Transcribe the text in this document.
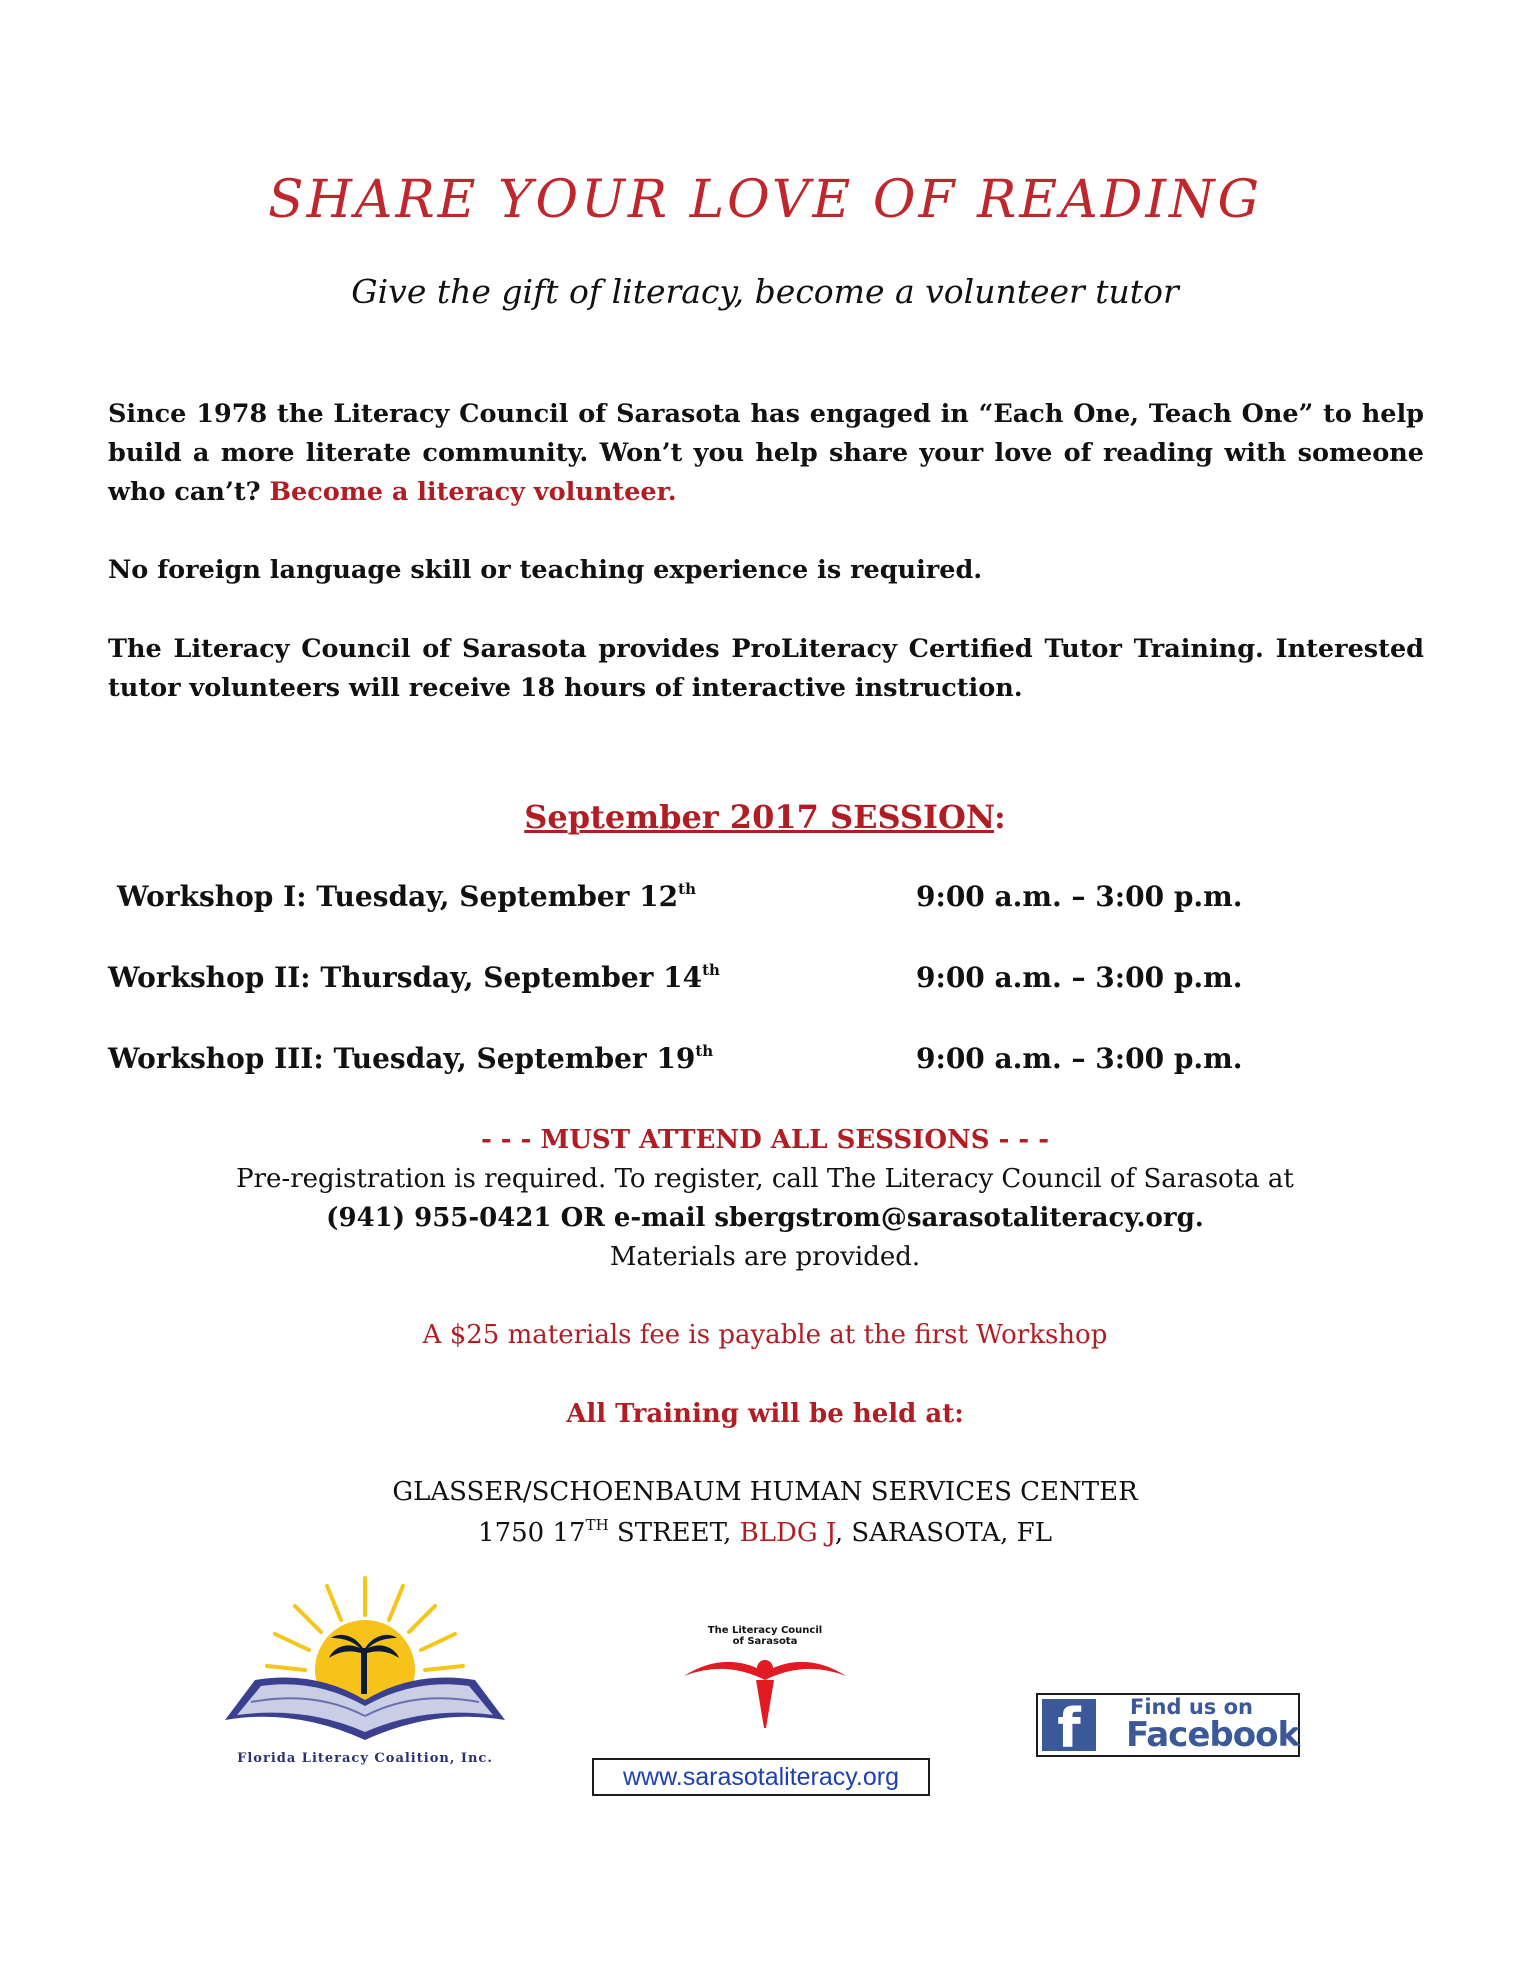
SHARE YOUR LOVE OF READING
Give the gift of literacy, become a volunteer tutor
Since 1978 the Literacy Council of Sarasota has engaged in “Each One, Teach One” to help build a more literate community. Won’t you help share your love of reading with someone who can’t? Become a literacy volunteer.
No foreign language skill or teaching experience is required.
The Literacy Council of Sarasota provides ProLiteracy Certified Tutor Training. Interested tutor volunteers will receive 18 hours of interactive instruction.
September 2017 SESSION:
Workshop I: Tuesday, September 12th	9:00 a.m. – 3:00 p.m.
Workshop II: Thursday, September 14th	9:00 a.m. – 3:00 p.m.
Workshop III: Tuesday, September 19th	9:00 a.m. – 3:00 p.m.
- - - MUST ATTEND ALL SESSIONS - - -
Pre-registration is required. To register, call The Literacy Council of Sarasota at
(941) 955-0421 OR e-mail sbergstrom@sarasotaliteracy.org.
Materials are provided.
A $25 materials fee is payable at the first Workshop
All Training will be held at:
GLASSER/SCHOENBAUM HUMAN SERVICES CENTER
1750 17TH STREET, BLDG J, SARASOTA, FL
Florida Literacy Coalition, Inc.
The Literacy Council
of Sarasota
f	Find us on
Facebook
www.sarasotaliteracy.org
